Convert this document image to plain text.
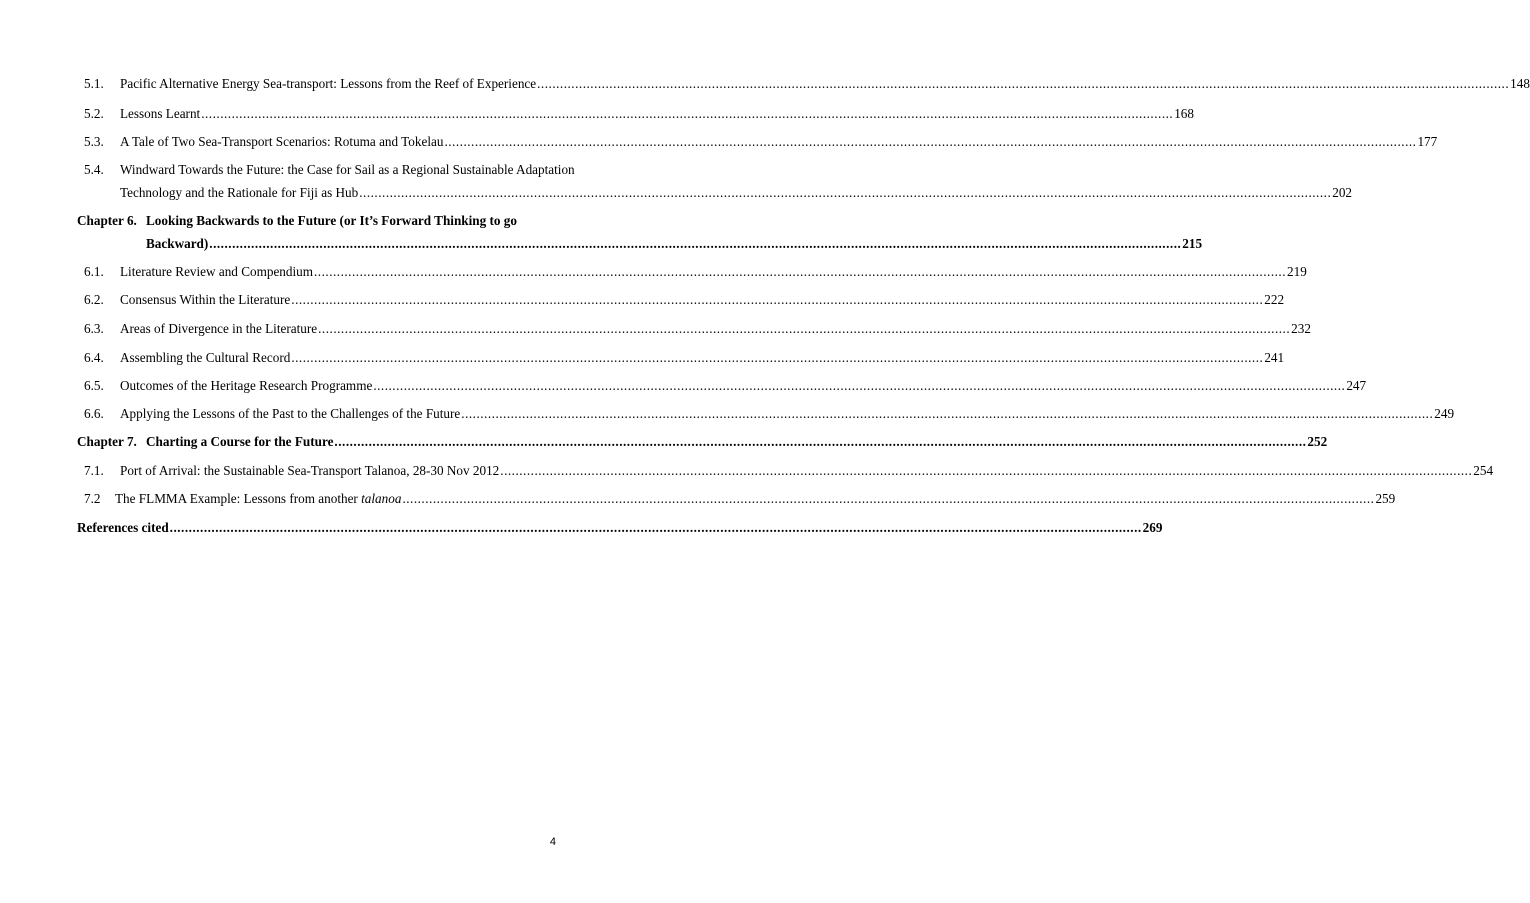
5.1.	Pacific Alternative Energy Sea-transport: Lessons from the Reef of Experience .....	148
5.2.	Lessons Learnt .....	168
5.3.	A Tale of Two Sea-Transport Scenarios: Rotuma and Tokelau .....	177
5.4.	Windward Towards the Future: the Case for Sail as a Regional Sustainable Adaptation
Technology and the Rationale for Fiji as Hub .....	202
Chapter 6. Looking Backwards to the Future (or It’s Forward Thinking to go
Backward) .....	215
6.1.	Literature Review and Compendium .....	219
6.2.	Consensus Within the Literature .....	222
6.3.	Areas of Divergence in the Literature .....	232
6.4.	Assembling the Cultural Record .....	241
6.5.	Outcomes of the Heritage Research Programme .....	247
6.6.	Applying the Lessons of the Past to the Challenges of the Future .....	249
Chapter 7. Charting a Course for the Future .....	252
7.1.	Port of Arrival: the Sustainable Sea-Transport Talanoa, 28-30 Nov 2012 .....	254
7.2	The FLMMA Example: Lessons from another talanoa .....	259
References cited .....	269
4
